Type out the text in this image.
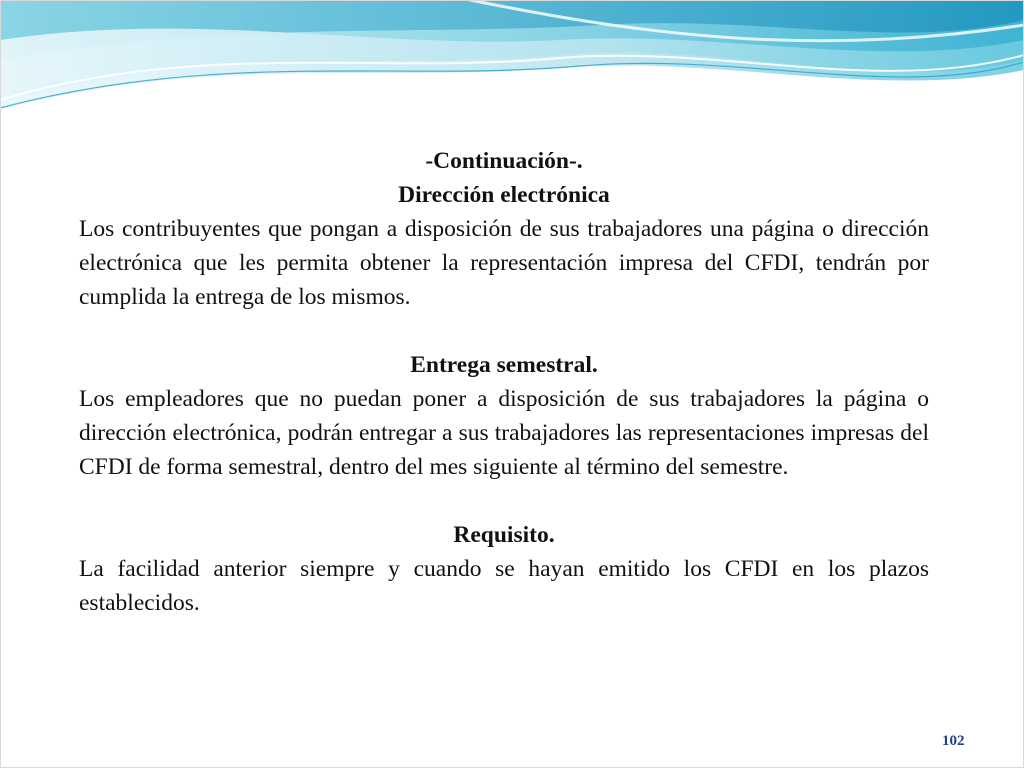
-Continuación-.

Dirección electrónica

Los contribuyentes que pongan a disposición de sus trabajadores una página o dirección electrónica que les permita obtener la representación impresa del CFDI, tendrán por cumplida la entrega de los mismos.

Entrega semestral.

Los empleadores que no puedan poner a disposición de sus trabajadores la página o dirección electrónica, podrán entregar a sus trabajadores las representaciones impresas del CFDI de forma semestral, dentro del mes siguiente al término del semestre.

Requisito.

La facilidad anterior siempre y cuando se hayan emitido los CFDI en los plazos establecidos.

102
